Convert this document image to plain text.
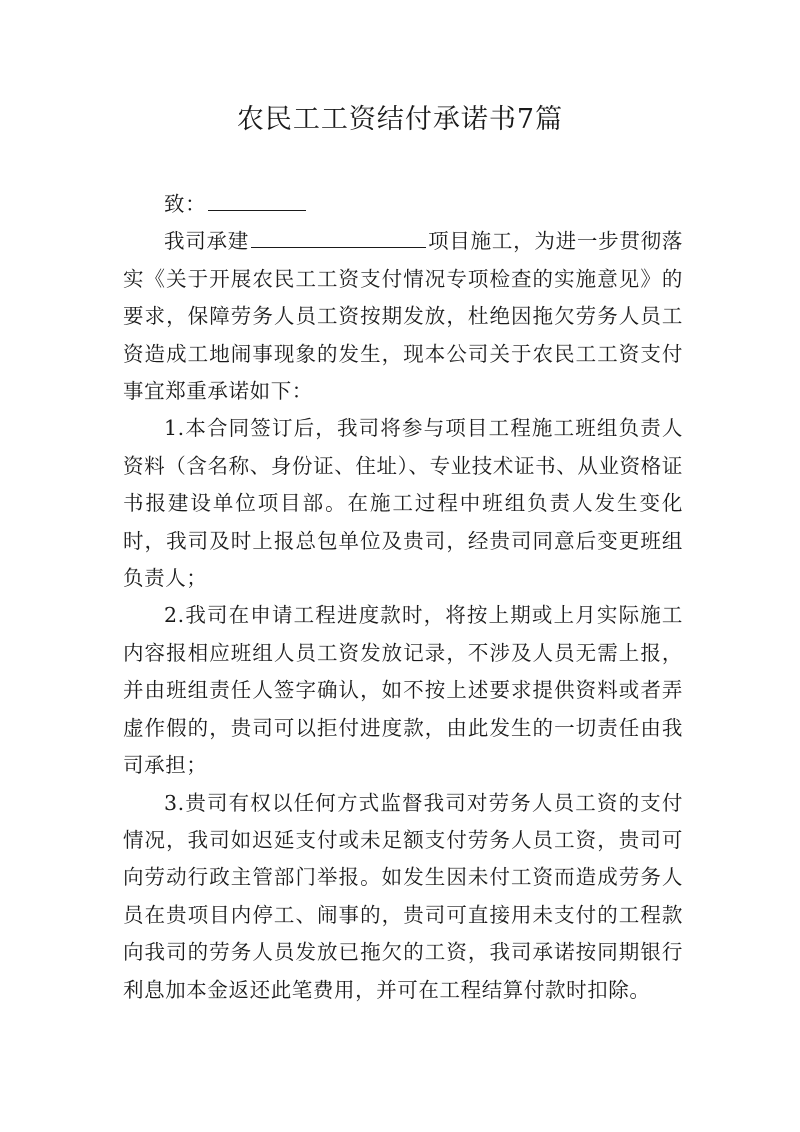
农民工工资结付承诺书7篇

致：

我司承建	项目施工，为进一步贯彻落实《关于开展农民工工资支付情况专项检查的实施意见》的要求，保障劳务人员工资按期发放，杜绝因拖欠劳务人员工资造成工地闹事现象的发生，现本公司关于农民工工资支付事宜郑重承诺如下：

1.本合同签订后，我司将参与项目工程施工班组负责人资料（含名称、身份证、住址）、专业技术证书、从业资格证书报建设单位项目部。在施工过程中班组负责人发生变化时，我司及时上报总包单位及贵司，经贵司同意后变更班组负责人；

2.我司在申请工程进度款时，将按上期或上月实际施工内容报相应班组人员工资发放记录，不涉及人员无需上报，并由班组责任人签字确认，如不按上述要求提供资料或者弄虚作假的，贵司可以拒付进度款，由此发生的一切责任由我司承担；

3.贵司有权以任何方式监督我司对劳务人员工资的支付情况，我司如迟延支付或未足额支付劳务人员工资，贵司可向劳动行政主管部门举报。如发生因未付工资而造成劳务人员在贵项目内停工、闹事的，贵司可直接用未支付的工程款向我司的劳务人员发放已拖欠的工资，我司承诺按同期银行利息加本金返还此笔费用，并可在工程结算付款时扣除。
